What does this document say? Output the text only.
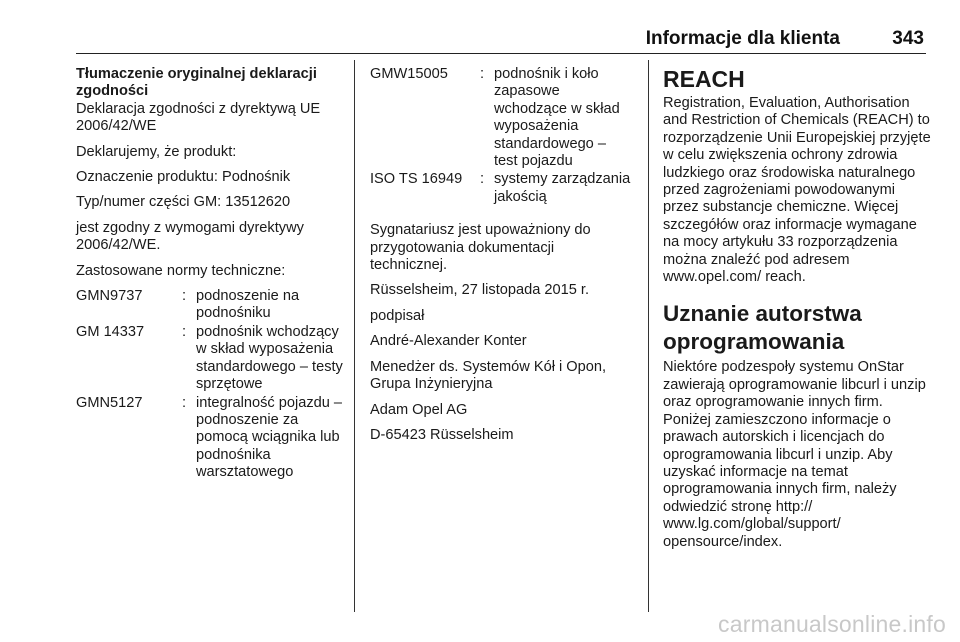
Informacje dla klienta	343

Tłumaczenie oryginalnej deklaracji zgodności

Deklaracja zgodności z dyrektywą UE 2006/42/WE

Deklarujemy, że produkt:

Oznaczenie produktu: Podnośnik

Typ/numer części GM: 13512620

jest zgodny z wymogami dyrektywy 2006/42/WE.

Zastosowane normy techniczne:

GMN9737	: podnoszenie na podnośniku
GM 14337	: podnośnik wchodzący w skład wyposażenia standardowego – testy sprzętowe
GMN5127	: integralność pojazdu – podnoszenie za pomocą wciągnika lub podnośnika warsztatowego
GMW15005	: podnośnik i koło zapasowe wchodzące w skład wyposażenia standardowego – test pojazdu
ISO TS 16949	: systemy zarządzania jakością

Sygnatariusz jest upoważniony do przygotowania dokumentacji technicznej.

Rüsselsheim, 27 listopada 2015 r.

podpisał

André-Alexander Konter

Menedżer ds. Systemów Kół i Opon, Grupa Inżynieryjna

Adam Opel AG

D-65423 Rüsselsheim

REACH

Registration, Evaluation, Authorisation and Restriction of Chemicals (REACH) to rozporządzenie Unii Europejskiej przyjęte w celu zwiększenia ochrony zdrowia ludzkiego oraz środowiska naturalnego przed zagrożeniami powodowanymi przez substancje chemiczne. Więcej szczegółów oraz informacje wymagane na mocy artykułu 33 rozporządzenia można znaleźć pod adresem www.opel.com/ reach.

Uznanie autorstwa oprogramowania

Niektóre podzespoły systemu OnStar zawierają oprogramowanie libcurl i unzip oraz oprogramowanie innych firm. Poniżej zamieszczono informacje o prawach autorskich i licencjach do oprogramowania libcurl i unzip. Aby uzyskać informacje na temat oprogramowania innych firm, należy odwiedzić stronę http:// www.lg.com/global/support/ opensource/index.

carmanualsonline.info
